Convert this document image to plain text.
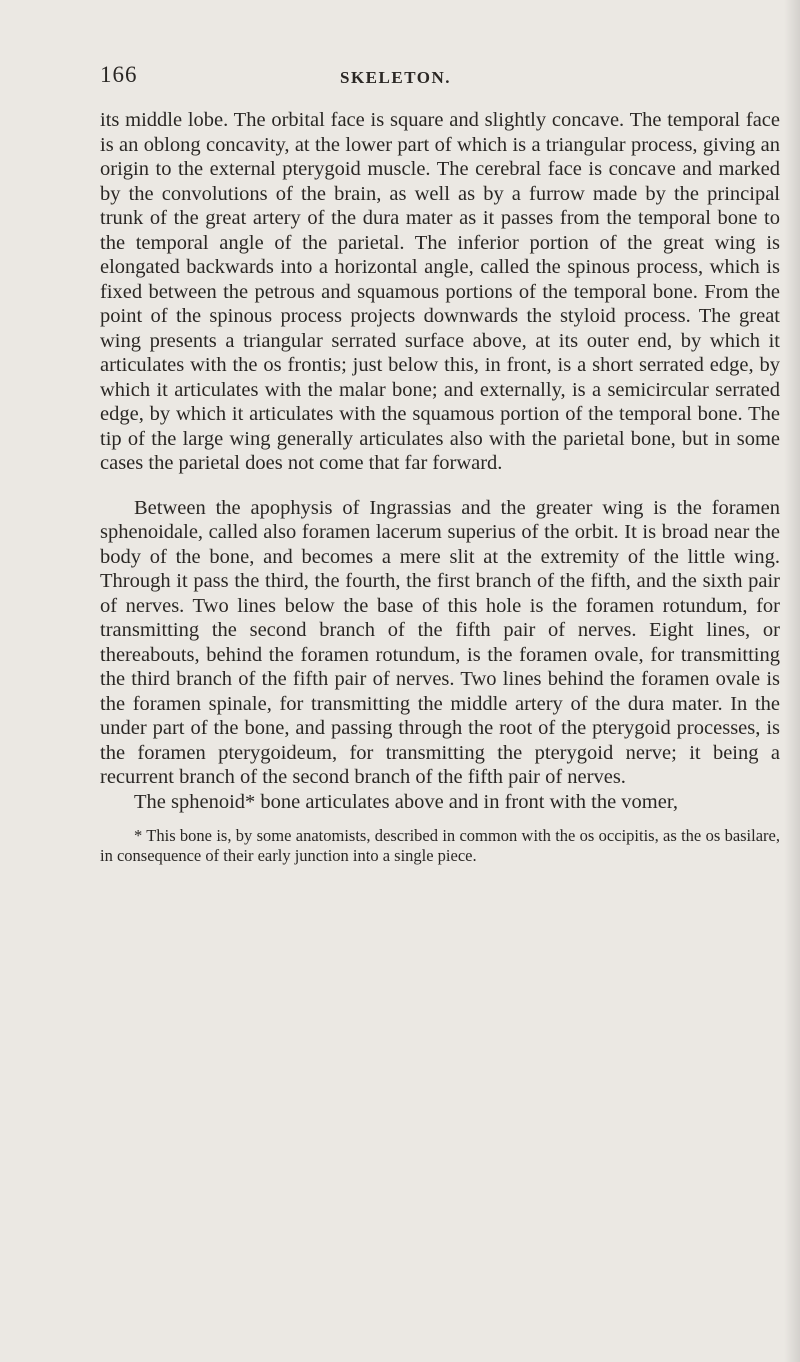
166	SKELETON.

its middle lobe. The orbital face is square and slightly concave. The temporal face is an oblong concavity, at the lower part of which is a triangular process, giving an origin to the external pterygoid muscle. The cerebral face is concave and marked by the convolutions of the brain, as well as by a furrow made by the principal trunk of the great artery of the dura mater as it passes from the temporal bone to the temporal angle of the parietal. The inferior portion of the great wing is elongated backwards into a horizontal angle, called the spinous process, which is fixed between the petrous and squamous portions of the temporal bone. From the point of the spinous process projects downwards the styloid process. The great wing presents a triangular serrated surface above, at its outer end, by which it articulates with the os frontis; just below this, in front, is a short serrated edge, by which it articulates with the malar bone; and externally, is a semicircular serrated edge, by which it articulates with the squamous portion of the temporal bone. The tip of the large wing generally articulates also with the parietal bone, but in some cases the parietal does not come that far forward.

Between the apophysis of Ingrassias and the greater wing is the foramen sphenoidale, called also foramen lacerum superius of the orbit. It is broad near the body of the bone, and becomes a mere slit at the extremity of the little wing. Through it pass the third, the fourth, the first branch of the fifth, and the sixth pair of nerves. Two lines below the base of this hole is the foramen rotundum, for transmitting the second branch of the fifth pair of nerves. Eight lines, or thereabouts, behind the foramen rotundum, is the foramen ovale, for transmitting the third branch of the fifth pair of nerves. Two lines behind the foramen ovale is the foramen spinale, for transmitting the middle artery of the dura mater. In the under part of the bone, and passing through the root of the pterygoid processes, is the foramen pterygoideum, for transmitting the pterygoid nerve; it being a recurrent branch of the second branch of the fifth pair of nerves.

The sphenoid* bone articulates above and in front with the vomer,

* This bone is, by some anatomists, described in common with the os occipitis, as the os basilare, in consequence of their early junction into a single piece.
